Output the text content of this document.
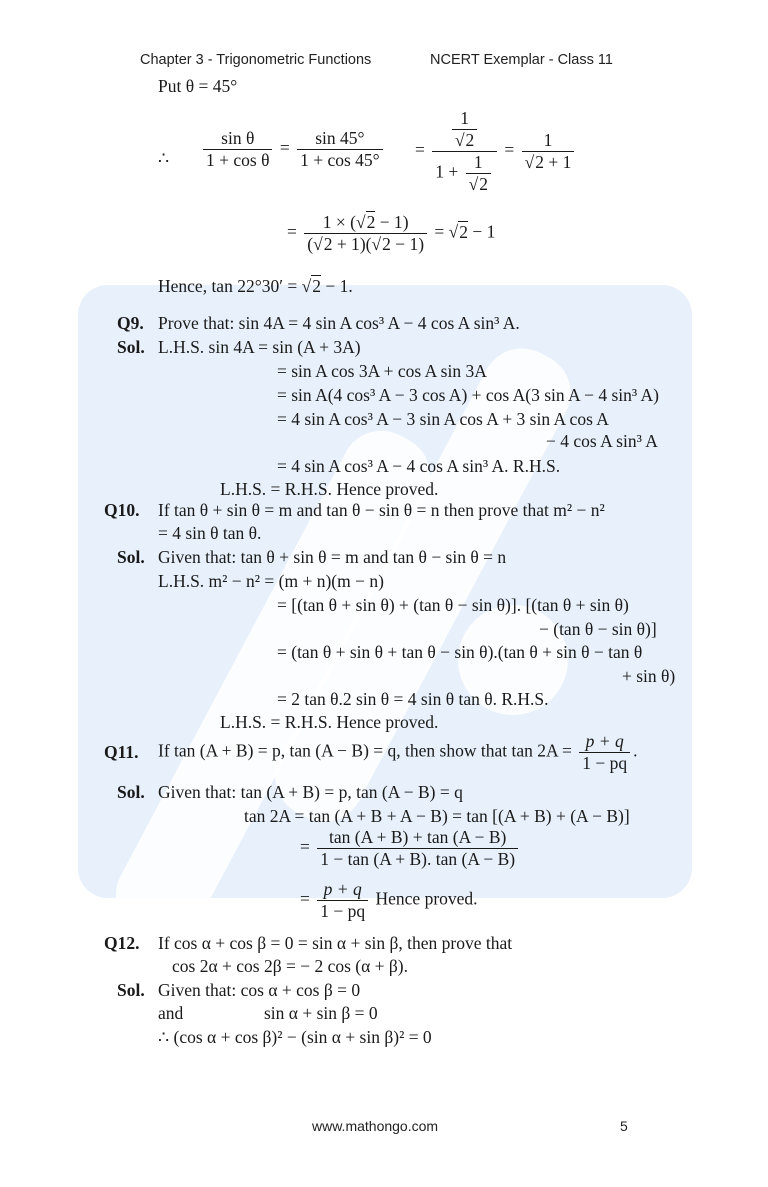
Chapter 3 - Trigonometric Functions	NCERT Exemplar - Class 11
Put θ = 45°
∴ $\frac{\text{sin θ}}{\text{1 + cos θ}} = \frac{\sin 45^\circ}{1 + \cos 45^\circ} = \frac{\frac{1}{√2}}{1 + \frac{1}{√2}} = \frac{1}{√2 + 1}$
= $\frac{1 \times (√2 - 1)}{(√2 + 1)(√2 - 1)} = √2 - 1$
Hence, tan 22°30′ = √2 − 1.
Q9. Prove that: sin 4A = 4 sin A cos³ A − 4 cos A sin³ A.
Sol. L.H.S. sin 4A = sin (A + 3A)
= sin A cos 3A + cos A sin 3A
= sin A(4 cos³ A − 3 cos A) + cos A(3 sin A − 4 sin³ A)
= 4 sin A cos³ A − 3 sin A cos A + 3 sin A cos A
− 4 cos A sin³ A
= 4 sin A cos³ A − 4 cos A sin³ A. R.H.S.
L.H.S. = R.H.S. Hence proved.
Q10. If tan θ + sin θ = m and tan θ − sin θ = n then prove that m² − n²
= 4 sin θ tan θ.
Sol. Given that: tan θ + sin θ = m and tan θ − sin θ = n
L.H.S. m² − n² = (m + n)(m − n)
= [(tan θ + sin θ) + (tan θ − sin θ)]. [(tan θ + sin θ)
− (tan θ − sin θ)]
= (tan θ + sin θ + tan θ − sin θ).(tan θ + sin θ − tan θ
+ sin θ)
= 2 tan θ.2 sin θ = 4 sin θ tan θ. R.H.S.
L.H.S. = R.H.S. Hence proved.
Q11. If tan (A + B) = p, tan (A − B) = q, then show that $\tan 2A = \frac{p + q}{1 - pq}$ .
Sol. Given that: tan (A + B) = p, tan (A − B) = q
tan 2A = tan (A + B + A − B) = tan [(A + B) + (A − B)]
= $\frac{\tan (A + B) + \tan (A - B)}{1 - \tan (A + B). \tan (A - B)}$
= $\frac{p + q}{1 - pq}$ Hence proved.
Q12. If cos α + cos β = 0 = sin α + sin β, then prove that
cos 2α + cos 2β = − 2 cos (α + β).
Sol. Given that: cos α + cos β = 0
and	sin α + sin β = 0
∴ (cos α + cos β)² − (sin α + sin β)² = 0
www.mathongo.com	5
